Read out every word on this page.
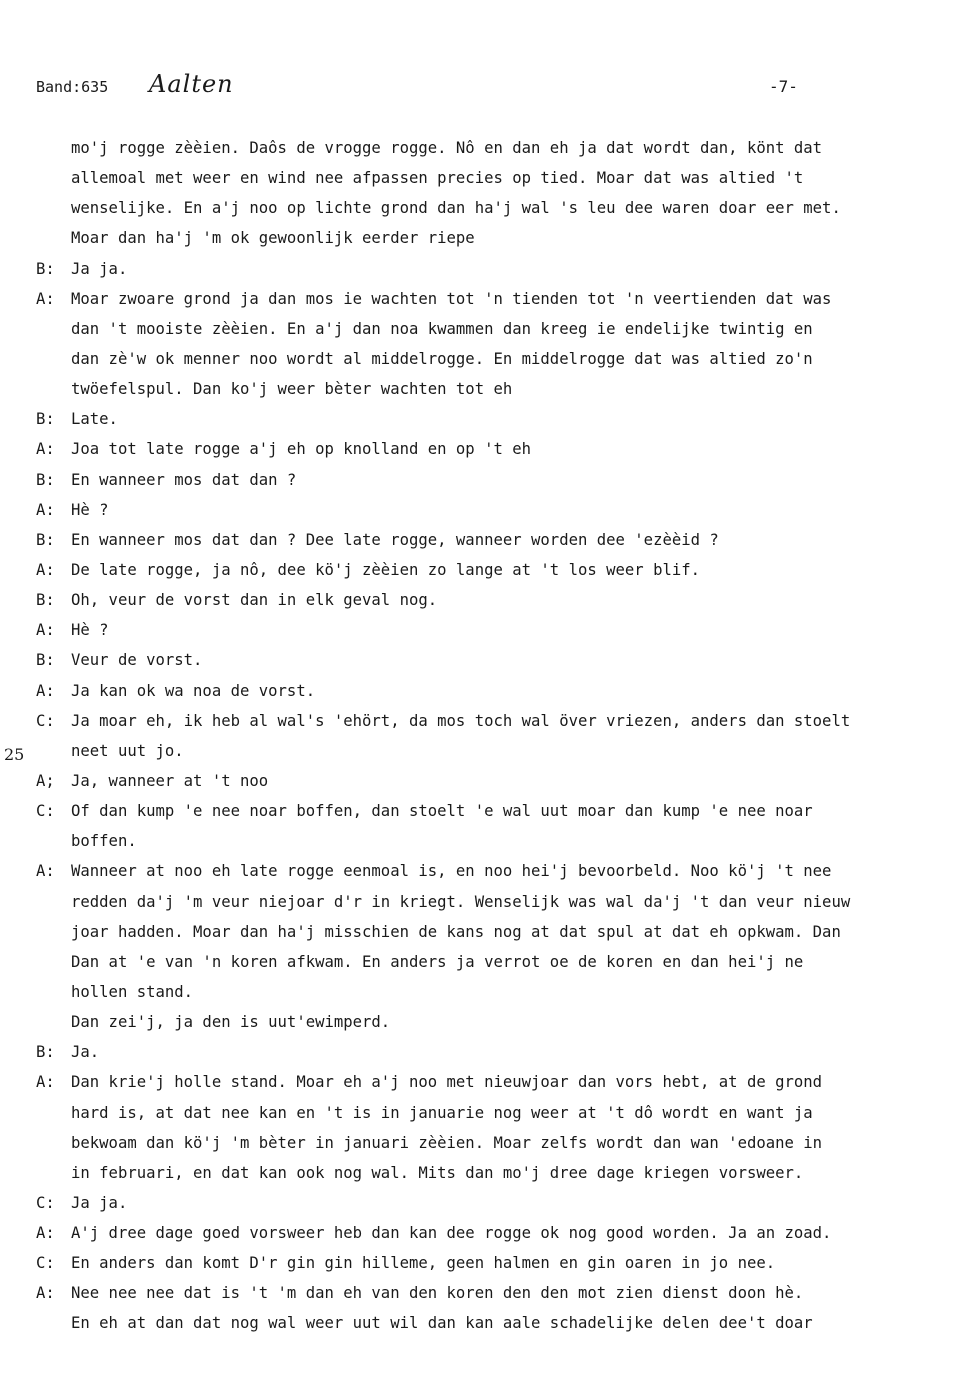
Band:635 Aalten	-7-
mo'j rogge zèèien. Daôs de vrogge rogge. Nô en dan eh ja dat wordt dan, könt dat
allemoal met weer en wind nee afpassen precies op tied. Moar dat was altied 't
wenselijke. En a'j noo op lichte grond dan ha'j wal 's leu dee waren doar eer met.
Moar dan ha'j 'm ok gewoonlijk eerder riepe
B: Ja ja.
A: Moar zwoare grond ja dan mos ie wachten tot 'n tienden tot 'n veertienden dat was
dan 't mooiste zèèien. En a'j dan noa kwammen dan kreeg ie endelijke twintig en
dan zè'w ok menner noo wordt al middelrogge. En middelrogge dat was altied zo'n
twöefelspul. Dan ko'j weer bèter wachten tot eh
B: Late.
A: Joa tot late rogge a'j eh op knolland en op 't eh
B: En wanneer mos dat dan ?
A: Hè ?
B: En wanneer mos dat dan ? Dee late rogge, wanneer worden dee 'ezèèid ?
A: De late rogge, ja nô, dee kö'j zèèien zo lange at 't los weer blif.
B: Oh, veur de vorst dan in elk geval nog.
A: Hè ?
B: Veur de vorst.
A: Ja kan ok wa noa de vorst.
C: Ja moar eh, ik heb al wal's 'ehört, da mos toch wal över vriezen, anders dan stoelt
25	neet uut jo.
A; Ja, wanneer at 't noo
C: Of dan kump 'e nee noar boffen, dan stoelt 'e wal uut moar dan kump 'e nee noar
boffen.
A: Wanneer at noo eh late rogge eenmoal is, en noo hei'j bevoorbeld. Noo kö'j 't nee
redden da'j 'm veur niejoar d'r in kriegt. Wenselijk was wal da'j 't dan veur nieuw
joar hadden. Moar dan ha'j misschien de kans nog at dat spul at dat eh opkwam. Dan
Dan at 'e van 'n koren afkwam. En anders ja verrot oe de koren en dan hei'j ne
hollen stand.
Dan zei'j, ja den is uut'ewimperd.
B: Ja.
A: Dan krie'j holle stand. Moar eh a'j noo met nieuwjoar dan vors hebt, at de grond
hard is, at dat nee kan en 't is in januarie nog weer at 't dô wordt en want ja
bekwoam dan kö'j 'm bèter in januari zèèien. Moar zelfs wordt dan wan 'edoane in
in februari, en dat kan ook nog wal. Mits dan mo'j dree dage kriegen vorsweer.
C: Ja ja.
A: A'j dree dage goed vorsweer heb dan kan dee rogge ok nog good worden. Ja an zoad.
C: En anders dan komt D'r gin gin hilleme, geen halmen en gin oaren in jo nee.
A: Nee nee nee dat is 't 'm dan eh van den koren den den mot zien dienst doon hè.
En eh at dan dat nog wal weer uut wil dan kan aale schadelijke delen dee't doar
